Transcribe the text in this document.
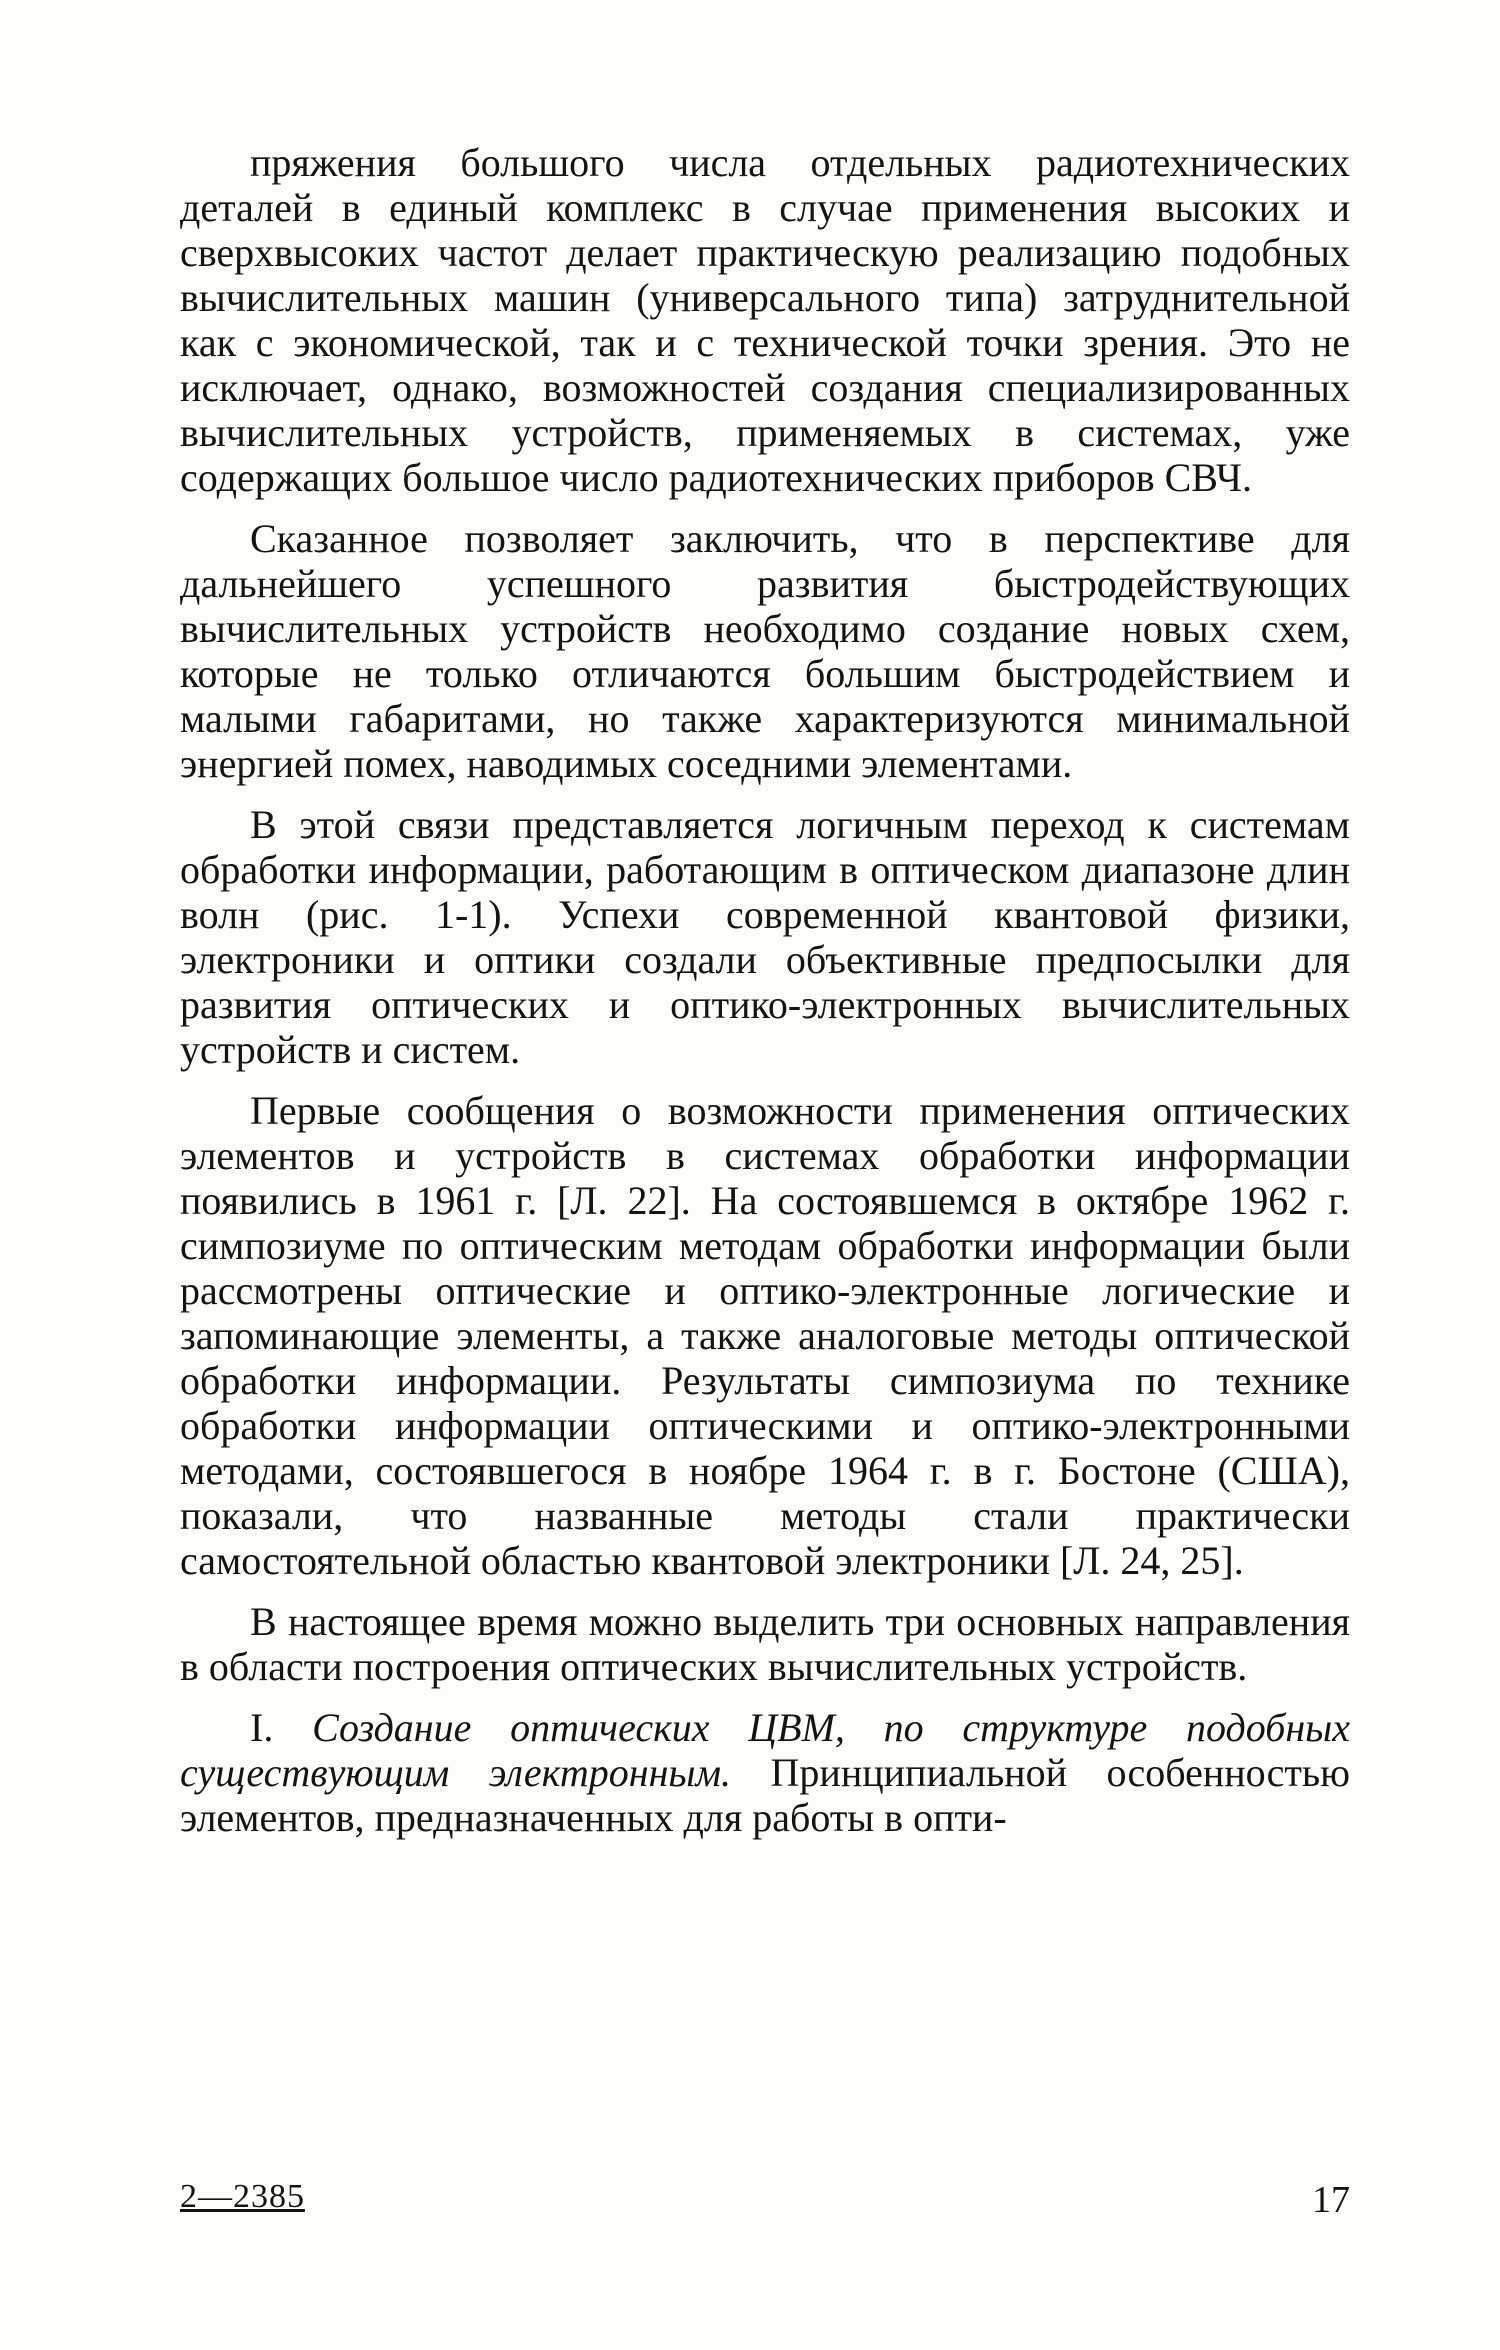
пряжения большого числа отдельных радиотехнических деталей в единый комплекс в случае применения высоких и сверхвысоких частот делает практическую реализацию подобных вычислительных машин (универсального типа) затруднительной как с экономической, так и с технической точки зрения. Это не исключает, однако, возможностей создания специализированных вычислительных устройств, применяемых в системах, уже содержащих большое число радиотехнических приборов СВЧ.

Сказанное позволяет заключить, что в перспективе для дальнейшего успешного развития быстродействующих вычислительных устройств необходимо создание новых схем, которые не только отличаются большим быстродействием и малыми габаритами, но также характеризуются минимальной энергией помех, наводимых соседними элементами.

В этой связи представляется логичным переход к системам обработки информации, работающим в оптическом диапазоне длин волн (рис. 1-1). Успехи современной квантовой физики, электроники и оптики создали объективные предпосылки для развития оптических и оптико-электронных вычислительных устройств и систем.

Первые сообщения о возможности применения оптических элементов и устройств в системах обработки информации появились в 1961 г. [Л. 22]. На состоявшемся в октябре 1962 г. симпозиуме по оптическим методам обработки информации были рассмотрены оптические и оптико-электронные логические и запоминающие элементы, а также аналоговые методы оптической обработки информации. Результаты симпозиума по технике обработки информации оптическими и оптико-электронными методами, состоявшегося в ноябре 1964 г. в г. Бостоне (США), показали, что названные методы стали практически самостоятельной областью квантовой электроники [Л. 24, 25].

В настоящее время можно выделить три основных направления в области построения оптических вычислительных устройств.

I. Создание оптических ЦВМ, по структуре подобных существующим электронным. Принципиальной особенностью элементов, предназначенных для работы в опти-

2—2385	17
